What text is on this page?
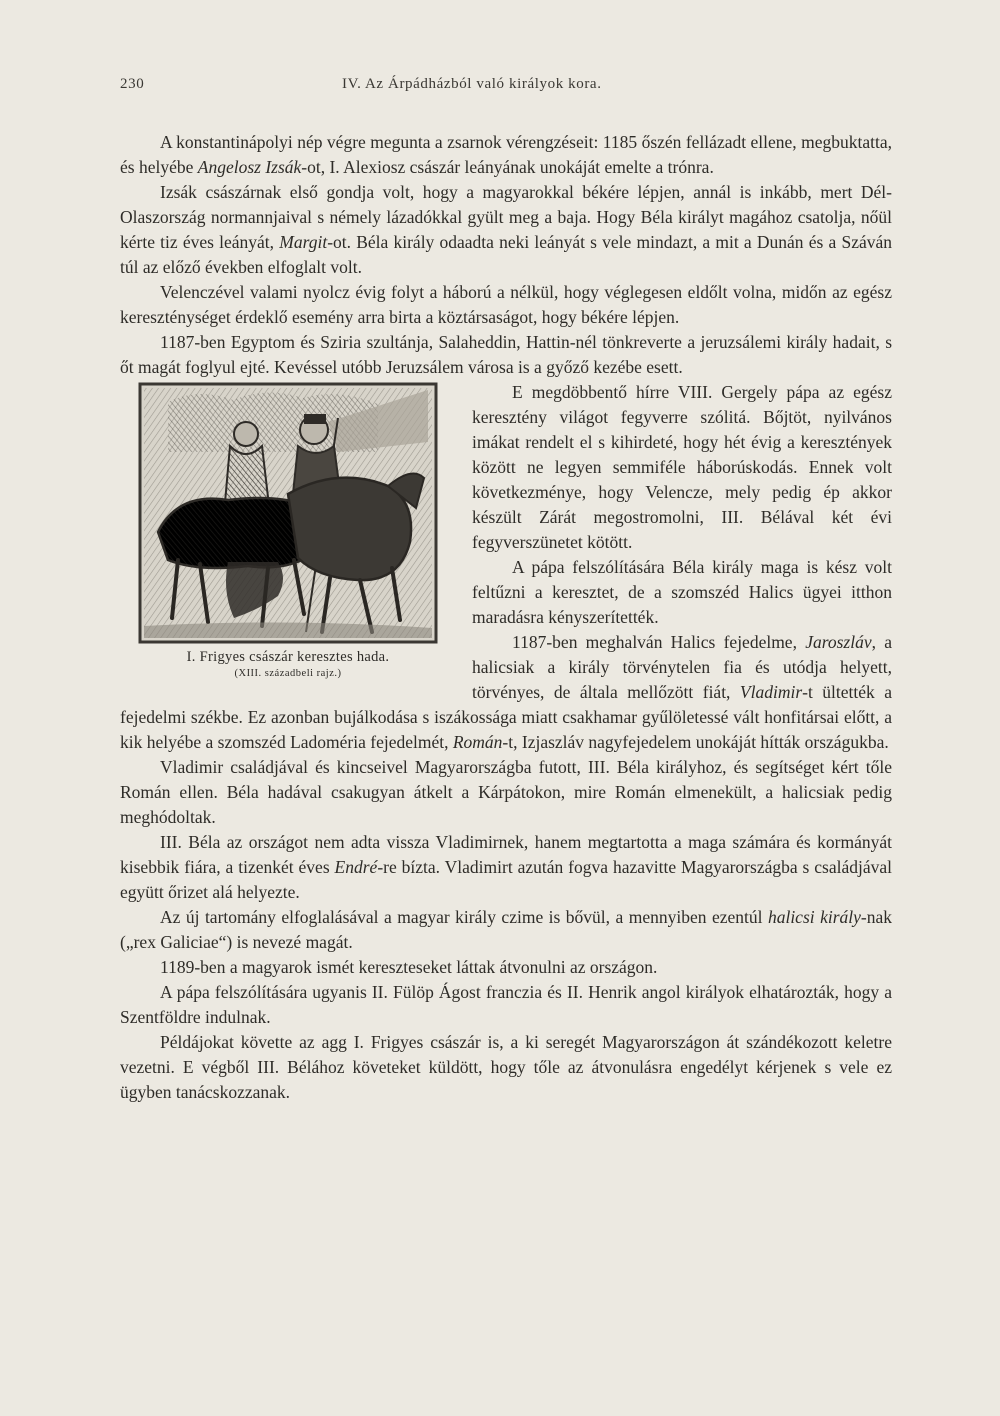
230	IV. Az Árpádházból való királyok kora.

A konstantinápolyi nép végre megunta a zsarnok vérengzéseit: 1185 őszén fellázadt ellene, megbuktatta, és helyébe Angelosz Izsák-ot, I. Alexiosz császár leányának unokáját emelte a trónra.

Izsák császárnak első gondja volt, hogy a magyarokkal békére lépjen, annál is inkább, mert Dél-Olaszország normannjaival s némely lázadókkal gyült meg a baja. Hogy Béla királyt magához csatolja, nőül kérte tiz éves leányát, Margit-ot. Béla király odaadta neki leányát s vele mindazt, a mit a Dunán és a Száván túl az előző években elfoglalt volt.

Velenczével valami nyolcz évig folyt a háború a nélkül, hogy véglegesen eldőlt volna, midőn az egész kereszténységet érdeklő esemény arra birta a köztársaságot, hogy békére lépjen.

1187-ben Egyptom és Sziria szultánja, Salaheddin, Hattin-nél tönkreverte a jeruzsálemi király hadait, s őt magát foglyul ejté. Kevéssel utóbb Jeruzsálem városa is a győző kezébe esett.

I. Frigyes császár keresztes hada.
(XIII. századbeli rajz.)

E megdöbbentő hírre VIII. Gergely pápa az egész keresztény világot fegyverre szólitá. Bőjtöt, nyilvános imákat rendelt el s kihirdeté, hogy hét évig a keresztények között ne legyen semmiféle háborúskodás. Ennek volt következménye, hogy Velencze, mely pedig ép akkor készült Zárát megostromolni, III. Bélával két évi fegyverszünetet kötött.

A pápa felszólítására Béla király maga is kész volt feltűzni a keresztet, de a szomszéd Halics ügyei itthon maradásra kényszerítették.

1187-ben meghalván Halics fejedelme, Jaroszláv, a halicsiak a király törvénytelen fia és utódja helyett, törvényes, de általa mellőzött fiát, Vladimir-t ültették a fejedelmi székbe. Ez azonban bujálkodása s iszákossága miatt csakhamar gyűlöletessé vált honfitársai előtt, a kik helyébe a szomszéd Ladoméria fejedelmét, Román-t, Izjaszláv nagyfejedelem unokáját hítták országukba.

Vladimir családjával és kincseivel Magyarországba futott, III. Béla királyhoz, és segítséget kért tőle Román ellen. Béla hadával csakugyan átkelt a Kárpátokon, mire Román elmenekült, a halicsiak pedig meghódoltak.

III. Béla az országot nem adta vissza Vladimirnek, hanem megtartotta a maga számára és kormányát kisebbik fiára, a tizenkét éves Endré-re bízta. Vladimirt azután fogva hazavitte Magyarországba s családjával együtt őrizet alá helyezte.

Az új tartomány elfoglalásával a magyar király czime is bővül, a mennyiben ezentúl halicsi király-nak („rex Galiciae“) is nevezé magát.

1189-ben a magyarok ismét kereszteseket láttak átvonulni az országon.

A pápa felszólítására ugyanis II. Fülöp Ágost franczia és II. Henrik angol királyok elhatározták, hogy a Szentföldre indulnak.

Példájokat követte az agg I. Frigyes császár is, a ki seregét Magyarországon át szándékozott keletre vezetni. E végből III. Bélához követeket küldött, hogy tőle az átvonulásra engedélyt kérjenek s vele ez ügyben tanácskozzanak.
